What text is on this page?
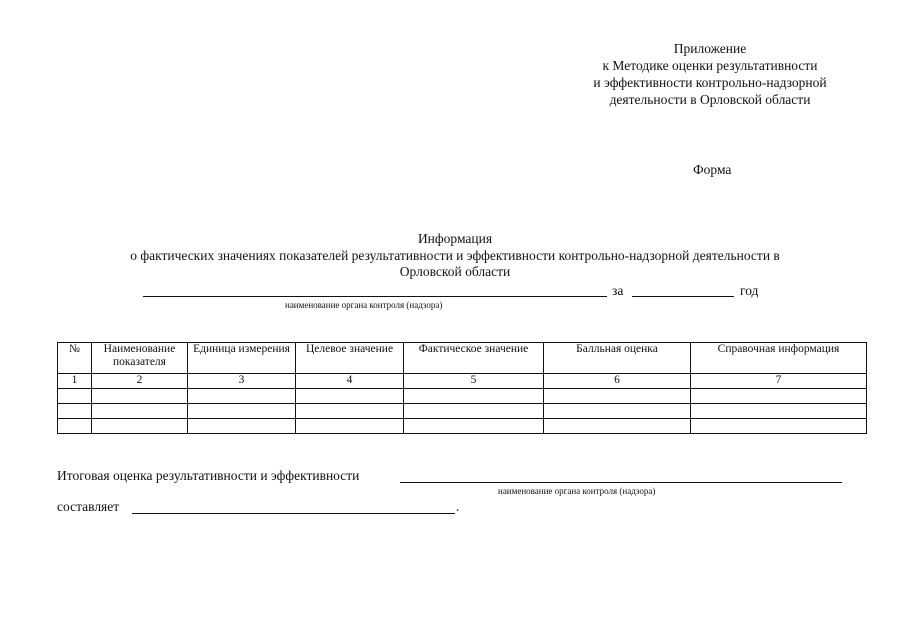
Приложение
к Методике оценки результативности
и эффективности контрольно-надзорной
деятельности в Орловской области
Форма
Информация
о фактических значениях показателей результативности и эффективности контрольно-надзорной деятельности в
Орловской области
за	год
наименование органа контроля (надзора)
№	Наименование показателя	Единица измерения	Целевое значение	Фактическое значение	Балльная оценка	Справочная информация
1	2	3	4	5	6	7

Итоговая оценка результативности и эффективности
наименование органа контроля (надзора)
составляет	.
